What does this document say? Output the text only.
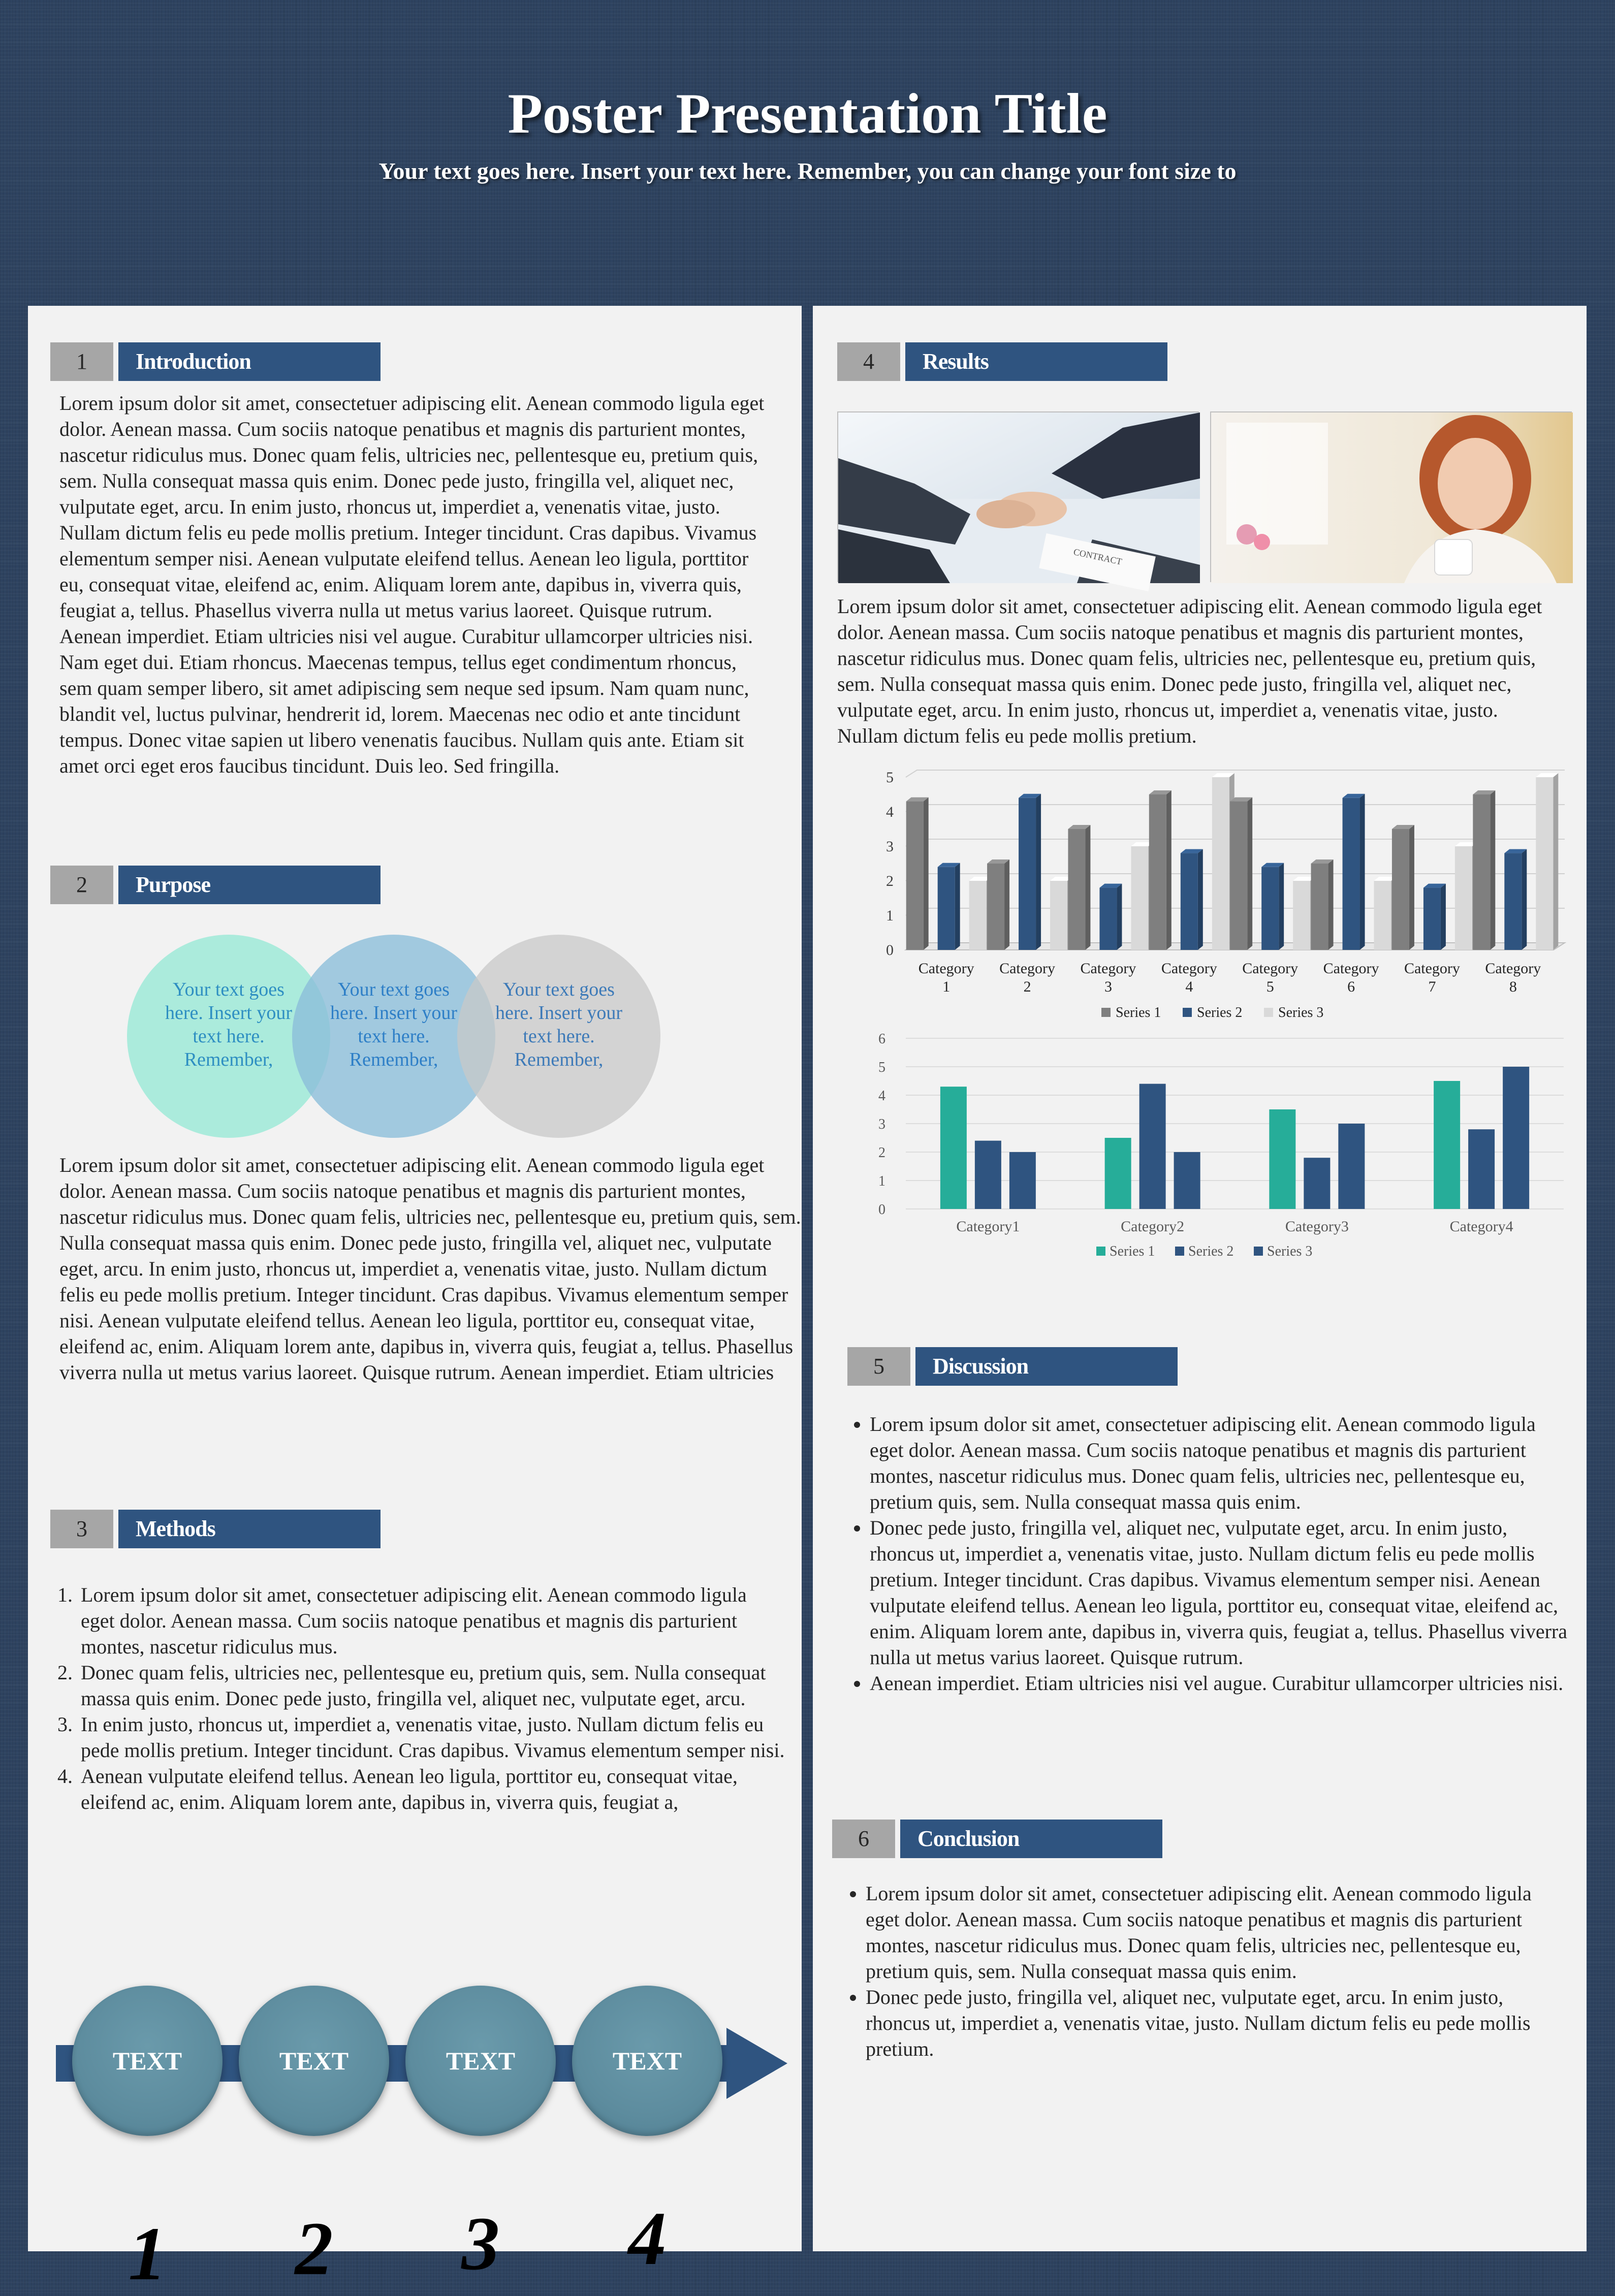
Poster Presentation Title
Your text goes here. Insert your text here. Remember, you can change your font size to
1	Introduction

Lorem ipsum dolor sit amet, consectetuer adipiscing elit. Aenean commodo ligula eget dolor. Aenean massa. Cum sociis natoque penatibus et magnis dis parturient montes, nascetur ridiculus mus. Donec quam felis, ultricies nec, pellentesque eu, pretium quis, sem. Nulla consequat massa quis enim. Donec pede justo, fringilla vel, aliquet nec, vulputate eget, arcu. In enim justo, rhoncus ut, imperdiet a, venenatis vitae, justo. Nullam dictum felis eu pede mollis pretium. Integer tincidunt. Cras dapibus. Vivamus elementum semper nisi. Aenean vulputate eleifend tellus. Aenean leo ligula, porttitor eu, consequat vitae, eleifend ac, enim. Aliquam lorem ante, dapibus in, viverra quis, feugiat a, tellus. Phasellus viverra nulla ut metus varius laoreet. Quisque rutrum. Aenean imperdiet. Etiam ultricies nisi vel augue. Curabitur ullamcorper ultricies nisi. Nam eget dui. Etiam rhoncus. Maecenas tempus, tellus eget condimentum rhoncus, sem quam semper libero, sit amet adipiscing sem neque sed ipsum. Nam quam nunc, blandit vel, luctus pulvinar, hendrerit id, lorem. Maecenas nec odio et ante tincidunt tempus. Donec vitae sapien ut libero venenatis faucibus. Nullam quis ante. Etiam sit amet orci eget eros faucibus tincidunt. Duis leo. Sed fringilla.

2	Purpose
Your text goes here. Insert your text here. Remember,
Your text goes here. Insert your text here. Remember,
Your text goes here. Insert your text here. Remember,

Lorem ipsum dolor sit amet, consectetuer adipiscing elit. Aenean commodo ligula eget dolor. Aenean massa. Cum sociis natoque penatibus et magnis dis parturient montes, nascetur ridiculus mus. Donec quam felis, ultricies nec, pellentesque eu, pretium quis, sem. Nulla consequat massa quis enim. Donec pede justo, fringilla vel, aliquet nec, vulputate eget, arcu. In enim justo, rhoncus ut, imperdiet a, venenatis vitae, justo. Nullam dictum felis eu pede mollis pretium. Integer tincidunt. Cras dapibus. Vivamus elementum semper nisi. Aenean vulputate eleifend tellus. Aenean leo ligula, porttitor eu, consequat vitae, eleifend ac, enim. Aliquam lorem ante, dapibus in, viverra quis, feugiat a, tellus. Phasellus viverra nulla ut metus varius laoreet. Quisque rutrum. Aenean imperdiet. Etiam ultricies

3	Methods
1. Lorem ipsum dolor sit amet, consectetuer adipiscing elit. Aenean commodo ligula eget dolor. Aenean massa. Cum sociis natoque penatibus et magnis dis parturient montes, nascetur ridiculus mus.
2. Donec quam felis, ultricies nec, pellentesque eu, pretium quis, sem. Nulla consequat massa quis enim. Donec pede justo, fringilla vel, aliquet nec, vulputate eget, arcu.
3. In enim justo, rhoncus ut, imperdiet a, venenatis vitae, justo. Nullam dictum felis eu pede mollis pretium. Integer tincidunt. Cras dapibus. Vivamus elementum semper nisi.
4. Aenean vulputate eleifend tellus. Aenean leo ligula, porttitor eu, consequat vitae, eleifend ac, enim. Aliquam lorem ante, dapibus in, viverra quis, feugiat a,
1	2	3	4
TEXT	TEXT	TEXT	TEXT
4	Results
CONTRACT

Lorem ipsum dolor sit amet, consectetuer adipiscing elit. Aenean commodo ligula eget dolor. Aenean massa. Cum sociis natoque penatibus et magnis dis parturient montes, nascetur ridiculus mus. Donec quam felis, ultricies nec, pellentesque eu, pretium quis, sem. Nulla consequat massa quis enim. Donec pede justo, fringilla vel, aliquet nec, vulputate eget, arcu. In enim justo, rhoncus ut, imperdiet a, venenatis vitae, justo. Nullam dictum felis eu pede mollis pretium.

0
1
2
3
4
5
Category 1
Category 2
Category 3
Category 4
Category 5
Category 6
Category 7
Category 8
Series 1	Series 2	Series 3
0
1
2
3
4
5
6
Category1	Category2	Category3	Category4
Series 1 Series 2 Series 3
5	Discussion
• Lorem ipsum dolor sit amet, consectetuer adipiscing elit. Aenean commodo ligula eget dolor. Aenean massa. Cum sociis natoque penatibus et magnis dis parturient montes, nascetur ridiculus mus. Donec quam felis, ultricies nec, pellentesque eu, pretium quis, sem. Nulla consequat massa quis enim.
• Donec pede justo, fringilla vel, aliquet nec, vulputate eget, arcu. In enim justo, rhoncus ut, imperdiet a, venenatis vitae, justo. Nullam dictum felis eu pede mollis pretium. Integer tincidunt. Cras dapibus. Vivamus elementum semper nisi. Aenean vulputate eleifend tellus. Aenean leo ligula, porttitor eu, consequat vitae, eleifend ac, enim. Aliquam lorem ante, dapibus in, viverra quis, feugiat a, tellus. Phasellus viverra nulla ut metus varius laoreet. Quisque rutrum.
• Aenean imperdiet. Etiam ultricies nisi vel augue. Curabitur ullamcorper ultricies nisi.
6	Conclusion
• Lorem ipsum dolor sit amet, consectetuer adipiscing elit. Aenean commodo ligula eget dolor. Aenean massa. Cum sociis natoque penatibus et magnis dis parturient montes, nascetur ridiculus mus. Donec quam felis, ultricies nec, pellentesque eu, pretium quis, sem. Nulla consequat massa quis enim.
• Donec pede justo, fringilla vel, aliquet nec, vulputate eget, arcu. In enim justo, rhoncus ut, imperdiet a, venenatis vitae, justo. Nullam dictum felis eu pede mollis pretium.
